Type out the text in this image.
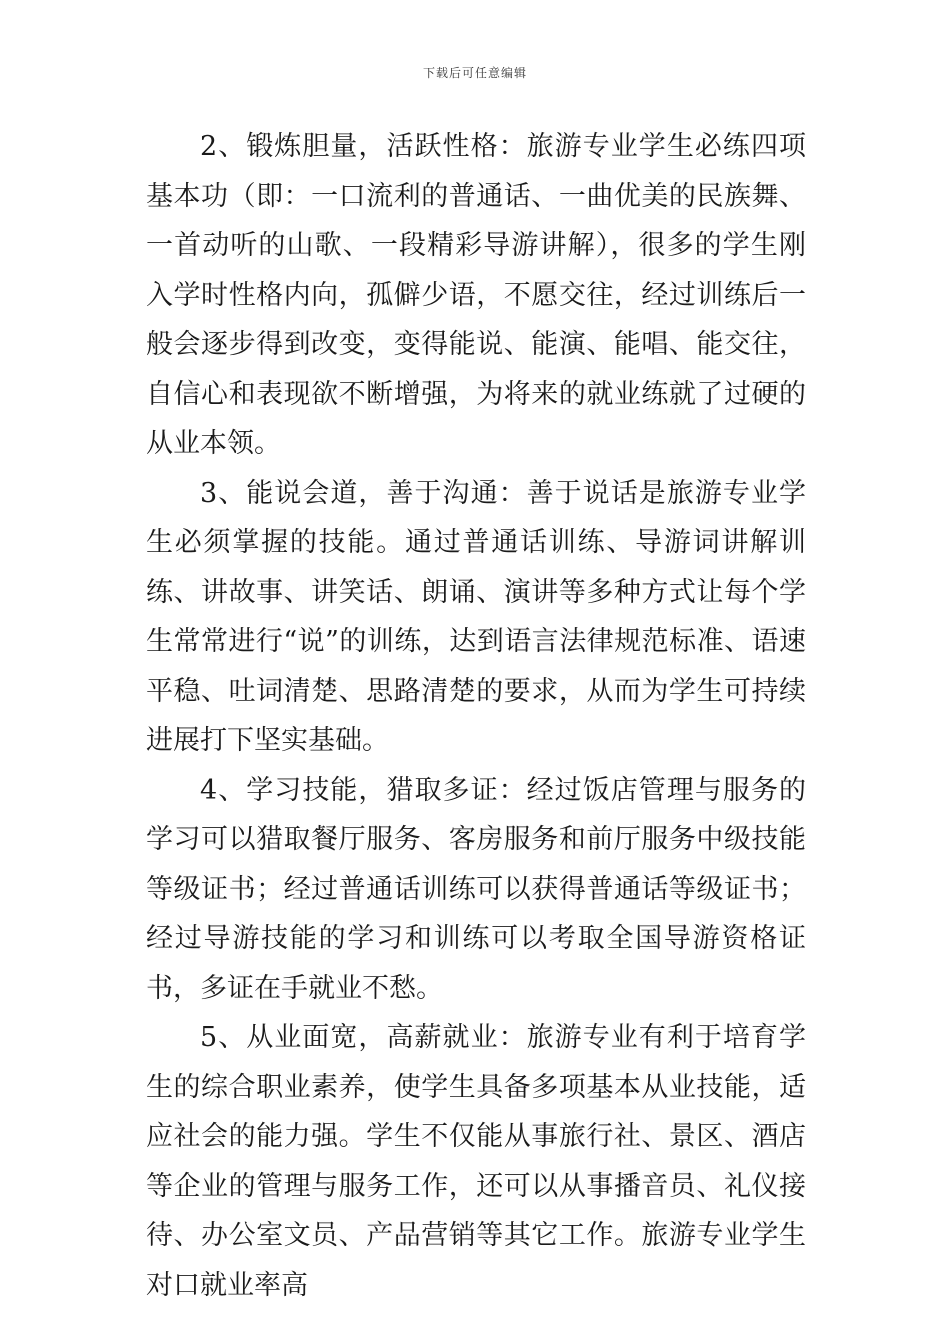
下载后可任意编辑

2、锻炼胆量，活跃性格：旅游专业学生必练四项基本功（即：一口流利的普通话、一曲优美的民族舞、一首动听的山歌、一段精彩导游讲解），很多的学生刚入学时性格内向，孤僻少语，不愿交往，经过训练后一般会逐步得到改变，变得能说、能演、能唱、能交往，自信心和表现欲不断增强，为将来的就业练就了过硬的从业本领。

3、能说会道，善于沟通：善于说话是旅游专业学生必须掌握的技能。通过普通话训练、导游词讲解训练、讲故事、讲笑话、朗诵、演讲等多种方式让每个学生常常进行“说”的训练，达到语言法律规范标准、语速平稳、吐词清楚、思路清楚的要求，从而为学生可持续进展打下坚实基础。

4、学习技能，猎取多证：经过饭店管理与服务的学习可以猎取餐厅服务、客房服务和前厅服务中级技能等级证书；经过普通话训练可以获得普通话等级证书；经过导游技能的学习和训练可以考取全国导游资格证书，多证在手就业不愁。

5、从业面宽，高薪就业：旅游专业有利于培育学生的综合职业素养，使学生具备多项基本从业技能，适应社会的能力强。学生不仅能从事旅行社、景区、酒店等企业的管理与服务工作，还可以从事播音员、礼仪接待、办公室文员、产品营销等其它工作。旅游专业学生对口就业率高
